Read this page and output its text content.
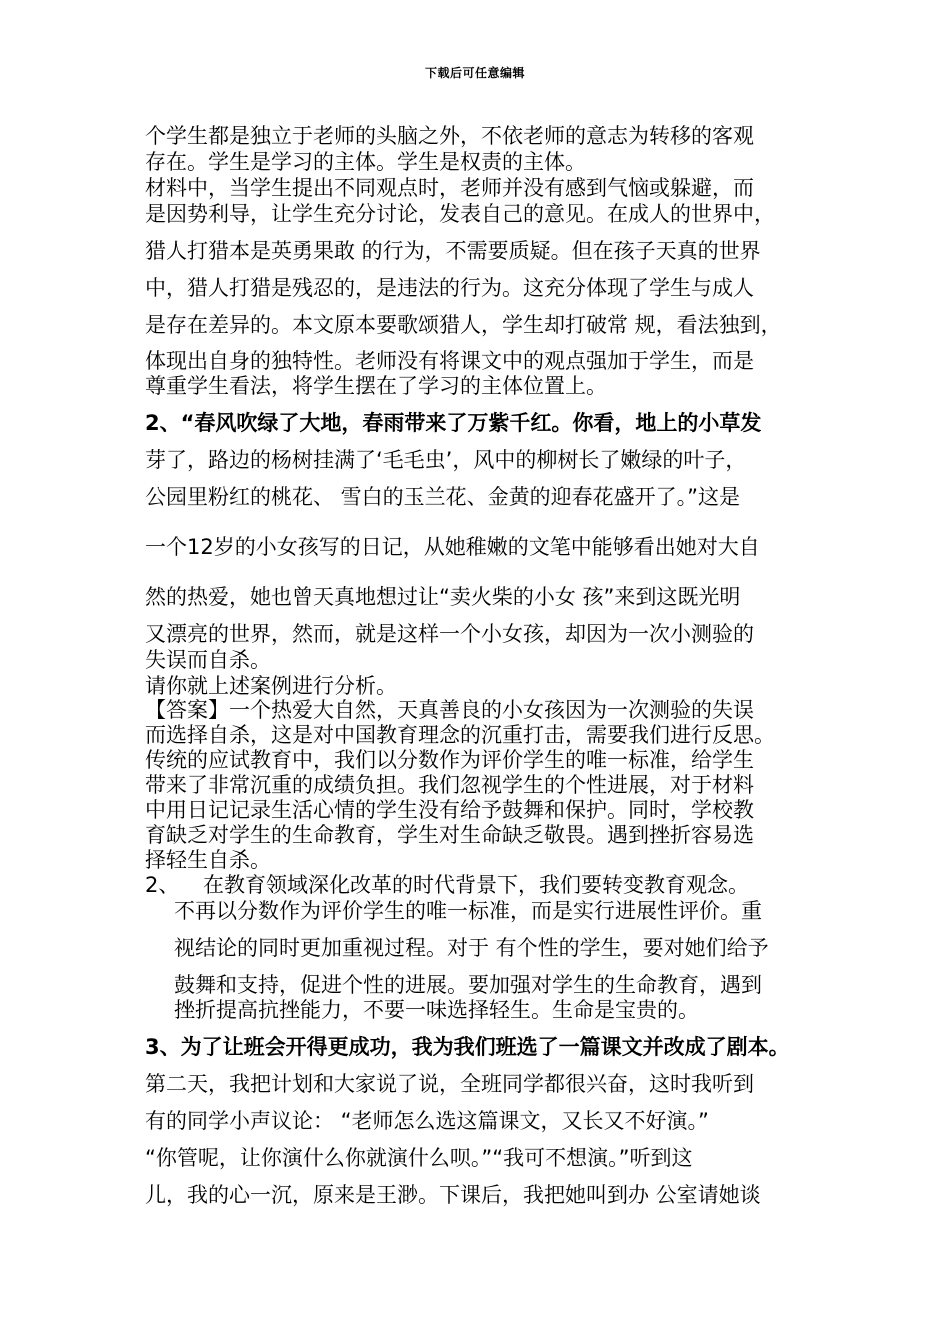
下载后可任意编辑
个学生都是独立于老师的头脑之外，不依老师的意志为转移的客观
存在。学生是学习的主体。学生是权责的主体。
材料中，当学生提出不同观点时，老师并没有感到气恼或躲避，而
是因势利导，让学生充分讨论，发表自己的意见。在成人的世界中，
猎人打猎本是英勇果敢 的行为，不需要质疑。但在孩子天真的世界
中，猎人打猎是残忍的，是违法的行为。这充分体现了学生与成人
是存在差异的。本文原本要歌颂猎人，学生却打破常 规，看法独到，
体现出自身的独特性。老师没有将课文中的观点强加于学生，而是
尊重学生看法，将学生摆在了学习的主体位置上。
2、“春风吹绿了大地，春雨带来了万紫千红。你看，地上的小草发
芽了，路边的杨树挂满了‘毛毛虫’，风中的柳树长了嫩绿的叶子，
公园里粉红的桃花、 雪白的玉兰花、金黄的迎春花盛开了。”这是
一个12岁的小女孩写的日记，从她稚嫩的文笔中能够看出她对大自
然的热爱，她也曾天真地想过让“卖火柴的小女 孩”来到这既光明
又漂亮的世界，然而，就是这样一个小女孩，却因为一次小测验的
失误而自杀。
请你就上述案例进行分析。
【答案】一个热爱大自然，天真善良的小女孩因为一次测验的失误
而选择自杀，这是对中国教育理念的沉重打击，需要我们进行反思。
传统的应试教育中，我们以分数作为评价学生的唯一标准，给学生
带来了非常沉重的成绩负担。我们忽视学生的个性进展，对于材料
中用日记记录生活心情的学生没有给予鼓舞和保护。同时，学校教
育缺乏对学生的生命教育，学生对生命缺乏敬畏。遇到挫折容易选
择轻生自杀。
2、 在教育领域深化改革的时代背景下，我们要转变教育观念。
不再以分数作为评价学生的唯一标准，而是实行进展性评价。重
视结论的同时更加重视过程。对于 有个性的学生，要对她们给予
鼓舞和支持，促进个性的进展。要加强对学生的生命教育，遇到
挫折提高抗挫能力，不要一味选择轻生。生命是宝贵的。
3、为了让班会开得更成功，我为我们班选了一篇课文并改成了剧本。
第二天，我把计划和大家说了说，全班同学都很兴奋，这时我听到
有的同学小声议论： “老师怎么选这篇课文，又长又不好演。”
“你管呢，让你演什么你就演什么呗。”“我可不想演。”听到这
儿，我的心一沉，原来是王渺。下课后，我把她叫到办 公室请她谈
